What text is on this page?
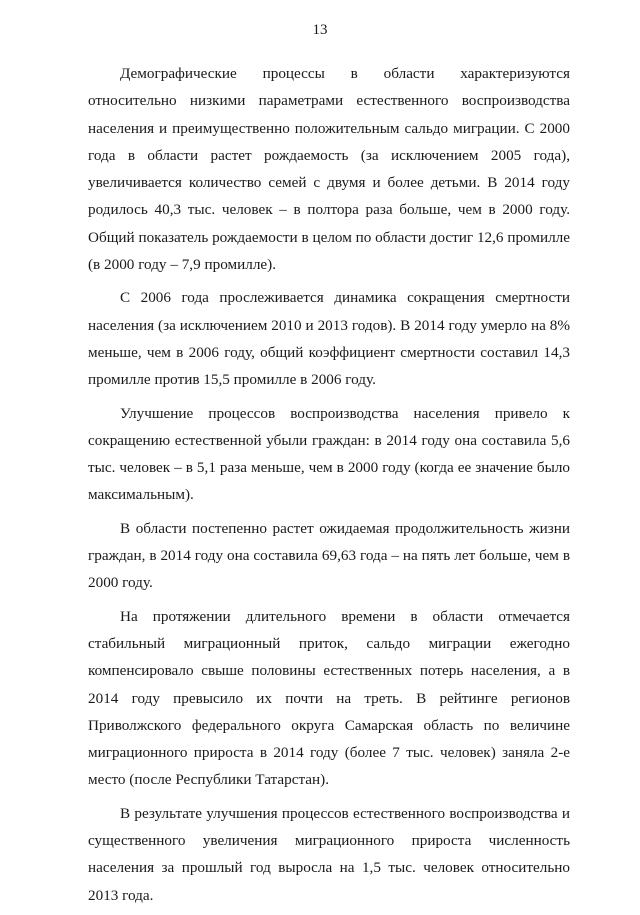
13

Демографические процессы в области характеризуются относительно низкими параметрами естественного воспроизводства населения и преимущественно положительным сальдо миграции. С 2000 года в области растет рождаемость (за исключением 2005 года), увеличивается количество семей с двумя и более детьми. В 2014 году родилось 40,3 тыс. человек – в полтора раза больше, чем в 2000 году. Общий показатель рождаемости в целом по области достиг 12,6 промилле (в 2000 году – 7,9 промилле).

С 2006 года прослеживается динамика сокращения смертности населения (за исключением 2010 и 2013 годов). В 2014 году умерло на 8% меньше, чем в 2006 году, общий коэффициент смертности составил 14,3 промилле против 15,5 промилле в 2006 году.

Улучшение процессов воспроизводства населения привело к сокращению естественной убыли граждан: в 2014 году она составила 5,6 тыс. человек – в 5,1 раза меньше, чем в 2000 году (когда ее значение было максимальным).

В области постепенно растет ожидаемая продолжительность жизни граждан, в 2014 году она составила 69,63 года – на пять лет больше, чем в 2000 году.

На протяжении длительного времени в области отмечается стабильный миграционный приток, сальдо миграции ежегодно компенсировало свыше половины естественных потерь населения, а в 2014 году превысило их почти на треть. В рейтинге регионов Приволжского федерального округа Самарская область по величине миграционного прироста в 2014 году (более 7 тыс. человек) заняла 2-е место (после Республики Татарстан).

В результате улучшения процессов естественного воспроизводства и существенного увеличения миграционного прироста численность населения за прошлый год выросла на 1,5 тыс. человек относительно 2013 года.
